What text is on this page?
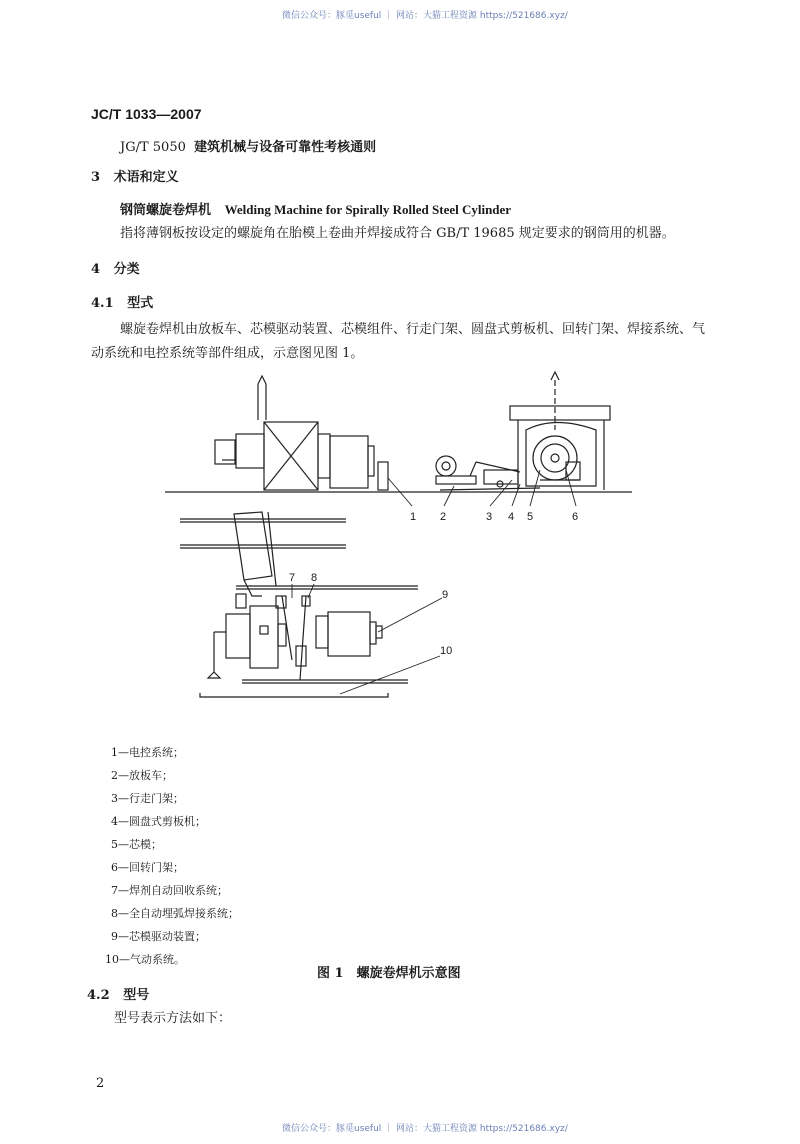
微信公众号：豚觅useful ｜ 网站：大猫工程资源 https://521686.xyz/
微信公众号：豚觅useful ｜ 网站：大猫工程资源 https://521686.xyz/
JC/T 1033—2007
JG/T 5050 建筑机械与设备可靠性考核通则
3 术语和定义
钢筒螺旋卷焊机 Welding Machine for Spirally Rolled Steel Cylinder
指将薄钢板按设定的螺旋角在胎模上卷曲并焊接成符合 GB/T 19685 规定要求的钢筒用的机器。
4 分类
4.1 型式
螺旋卷焊机由放板车、芯模驱动装置、芯模组件、行走门架、圆盘式剪板机、回转门架、焊接系统、气
动系统和电控系统等部件组成，示意图见图 1。
1 2	3 4 5	6
7 8
9
10
1—电控系统；
2—放板车；
3—行走门架；
4—圆盘式剪板机；
5—芯模；
6—回转门架；
7—焊剂自动回收系统；
8—全自动埋弧焊接系统；
9—芯模驱动装置；
10—气动系统。
图 1　螺旋卷焊机示意图
4.2 型号
型号表示方法如下：
2
